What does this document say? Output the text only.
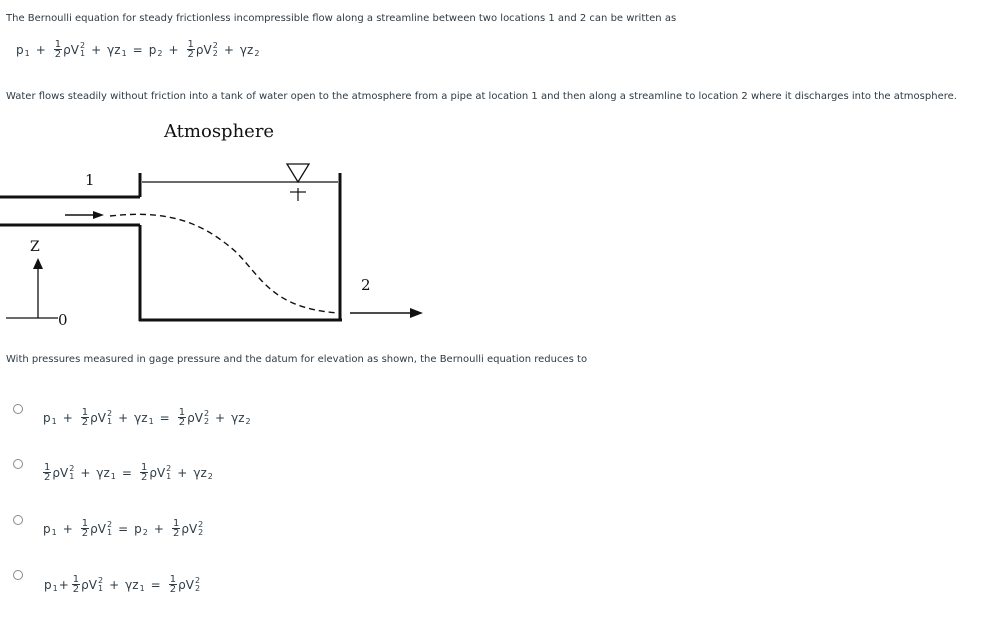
The Bernoulli equation for steady frictionless incompressible flow along a streamline between two locations 1 and 2 can be written as
p $1 + \frac{1}{2}$ ρ V 2
1 + γ z 1 = p $2 + \frac{1}{2}$ ρ V 2
2 + γ z 2
Water flows steadily without friction into a tank of water open to the atmosphere from a pipe at location 1 and then along a streamline to location 2 where it discharges into the atmosphere.
Atmosphere
1
2
Z
0
With pressures measured in gage pressure and the datum for elevation as shown, the Bernoulli equation reduces to
p $1 + \frac{1}{2}$ ρ V 2
1 + γ z $1 = \frac{1}{2}$ ρ V 2
2 + γ z 2
$\frac{1}{2}$ ρ V 2
1 + γ z $1 = \frac{1}{2}$ ρ V 2
1 + γ z 2
p $1 + \frac{1}{2}$ ρ V 2
1 = p $2 + \frac{1}{2}$ ρ V 2
2
p $1 + \frac{1}{2}$ ρ V 2
1 + γ z $1 = \frac{1}{2}$ ρ V 2
2
